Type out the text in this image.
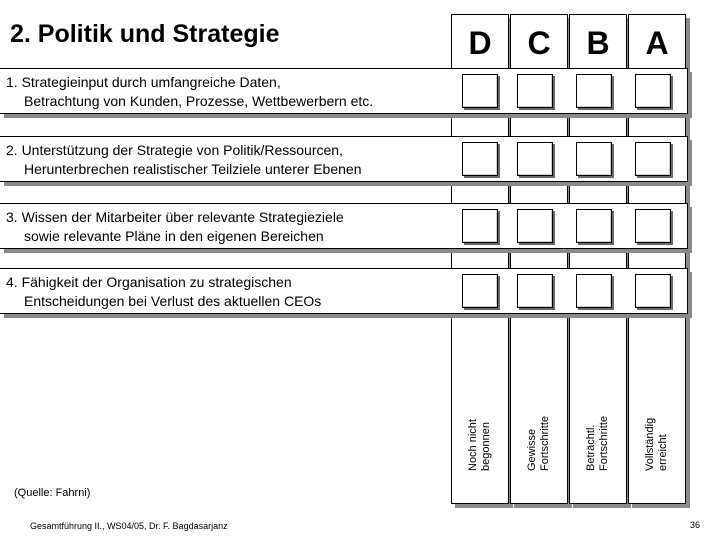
2. Politik und Strategie	D
Noch nicht begonnen
C
Gewisse Fortschritte
B
Beträchtl. Fortschritte
A
Vollständig erreicht
1. Strategieinput durch umfangreiche Daten,
Betrachtung von Kunden, Prozesse, Wettbewerbern etc.
2. Unterstützung der Strategie von Politik/Ressourcen,
Herunterbrechen realistischer Teilziele unterer Ebenen
3. Wissen der Mitarbeiter über relevante Strategieziele
sowie relevante Pläne in den eigenen Bereichen
4. Fähigkeit der Organisation zu strategischen
Entscheidungen bei Verlust des aktuellen CEOs
(Quelle: Fahrni)
Gesamtführung II., WS04/05, Dr. F. Bagdasarjanz	36
